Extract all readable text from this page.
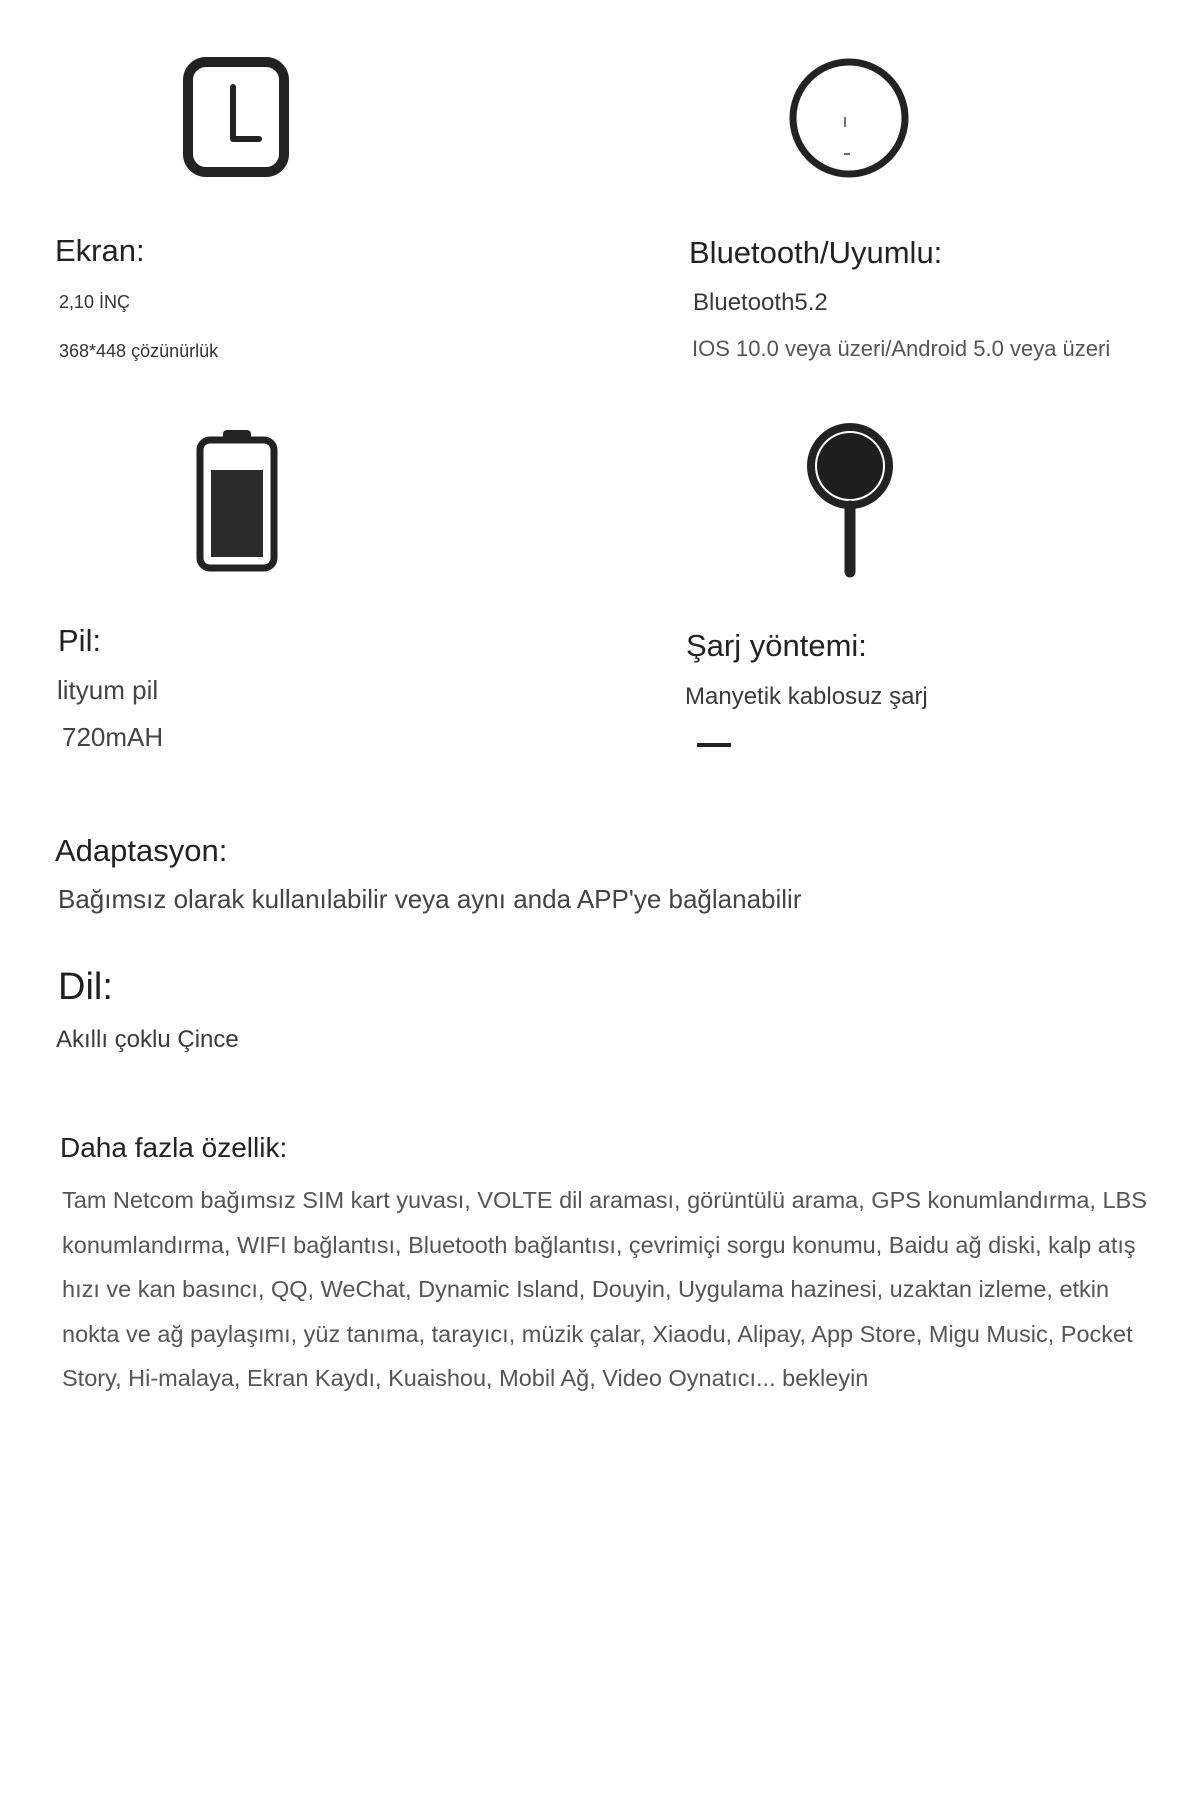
Ekran:
2,10 İNÇ
368*448 çözünürlük
Bluetooth/Uyumlu:
Bluetooth5.2
IOS 10.0 veya üzeri/Android 5.0 veya üzeri
Pil:
lityum pil
720mAH
Şarj yöntemi:
Manyetik kablosuz şarj
Adaptasyon:
Bağımsız olarak kullanılabilir veya aynı anda APP'ye bağlanabilir
Dil:
Akıllı çoklu Çince
Daha fazla özellik:
Tam Netcom bağımsız SIM kart yuvası, VOLTE dil araması, görüntülü arama, GPS konumlandırma, LBS konumlandırma, WIFI bağlantısı, Bluetooth bağlantısı, çevrimiçi sorgu konumu, Baidu ağ diski, kalp atış hızı ve kan basıncı, QQ, WeChat, Dynamic Island, Douyin, Uygulama hazinesi, uzaktan izleme, etkin nokta ve ağ paylaşımı, yüz tanıma, tarayıcı, müzik çalar, Xiaodu, Alipay, App Store, Migu Music, Pocket Story, Hi-malaya, Ekran Kaydı, Kuaishou, Mobil Ağ, Video Oynatıcı... bekleyin
